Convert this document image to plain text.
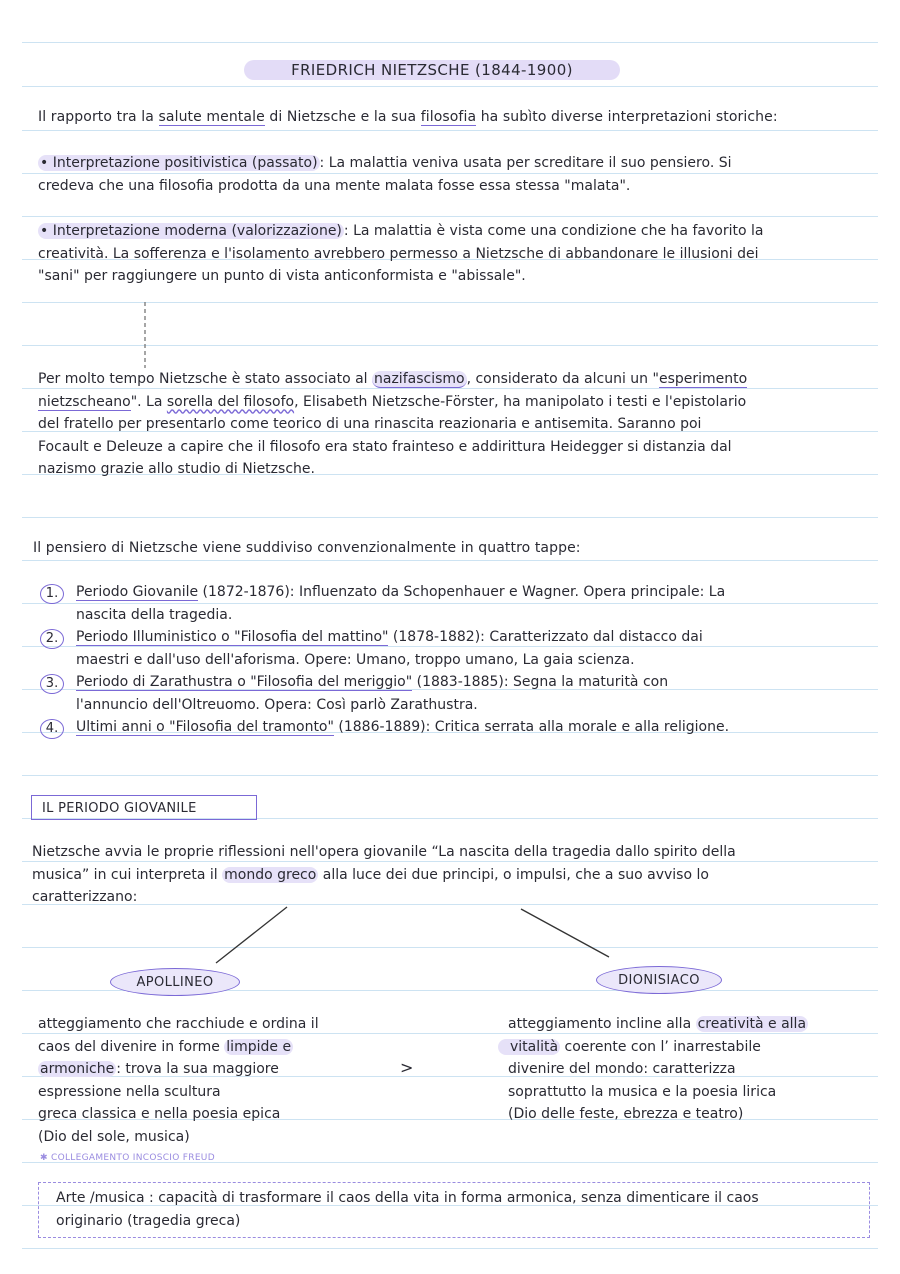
FRIEDRICH NIETZSCHE (1844-1900)
Il rapporto tra la salute mentale di Nietzsche e la sua filosofia ha subìto diverse interpretazioni storiche:
• Interpretazione positivistica (passato) : La malattia veniva usata per screditare il suo pensiero. Si
credeva che una filosofia prodotta da una mente malata fosse essa stessa "malata".
• Interpretazione moderna (valorizzazione) : La malattia è vista come una condizione che ha favorito la
creatività. La sofferenza e l'isolamento avrebbero permesso a Nietzsche di abbandonare le illusioni dei
"sani" per raggiungere un punto di vista anticonformista e "abissale".
Per molto tempo Nietzsche è stato associato al nazifascismo , considerato da alcuni un "esperimento
nietzscheano". La sorella del filosofo, Elisabeth Nietzsche-Förster, ha manipolato i testi e l'epistolario
del fratello per presentarlo come teorico di una rinascita reazionaria e antisemita. Saranno poi
Focault e Deleuze a capire che il filosofo era stato frainteso e addirittura Heidegger si distanzia dal
nazismo grazie allo studio di Nietzsche.
Il pensiero di Nietzsche viene suddiviso convenzionalmente in quattro tappe:
1.	Periodo Giovanile (1872-1876): Influenzato da Schopenhauer e Wagner. Opera principale: La
nascita della tragedia.
2.	Periodo Illuministico o "Filosofia del mattino" (1878-1882): Caratterizzato dal distacco dai
maestri e dall'uso dell'aforisma. Opere: Umano, troppo umano, La gaia scienza.
3.	Periodo di Zarathustra o "Filosofia del meriggio" (1883-1885): Segna la maturità con
l'annuncio dell'Oltreuomo. Opera: Così parlò Zarathustra.
4.	Ultimi anni o "Filosofia del tramonto" (1886-1889): Critica serrata alla morale e alla religione.
IL PERIODO GIOVANILE
Nietzsche avvia le proprie riflessioni nell'opera giovanile “La nascita della tragedia dallo spirito della
musica” in cui interpreta il mondo greco alla luce dei due principi, o impulsi, che a suo avviso lo
caratterizzano:
APOLLINEO	DIONISIACO
atteggiamento che racchiude e ordina il
caos del divenire in forme limpide e
armoniche : trova la sua maggiore
espressione nella scultura
greca classica e nella poesia epica
(Dio del sole, musica)
>
atteggiamento incline alla creatività e alla
vitalità coerente con l’ inarrestabile
divenire del mondo: caratterizza
soprattutto la musica e la poesia lirica
(Dio delle feste, ebrezza e teatro)
✱ COLLEGAMENTO INCOSCIO FREUD
Arte /musica : capacità di trasformare il caos della vita in forma armonica, senza dimenticare il caos
originario (tragedia greca)
